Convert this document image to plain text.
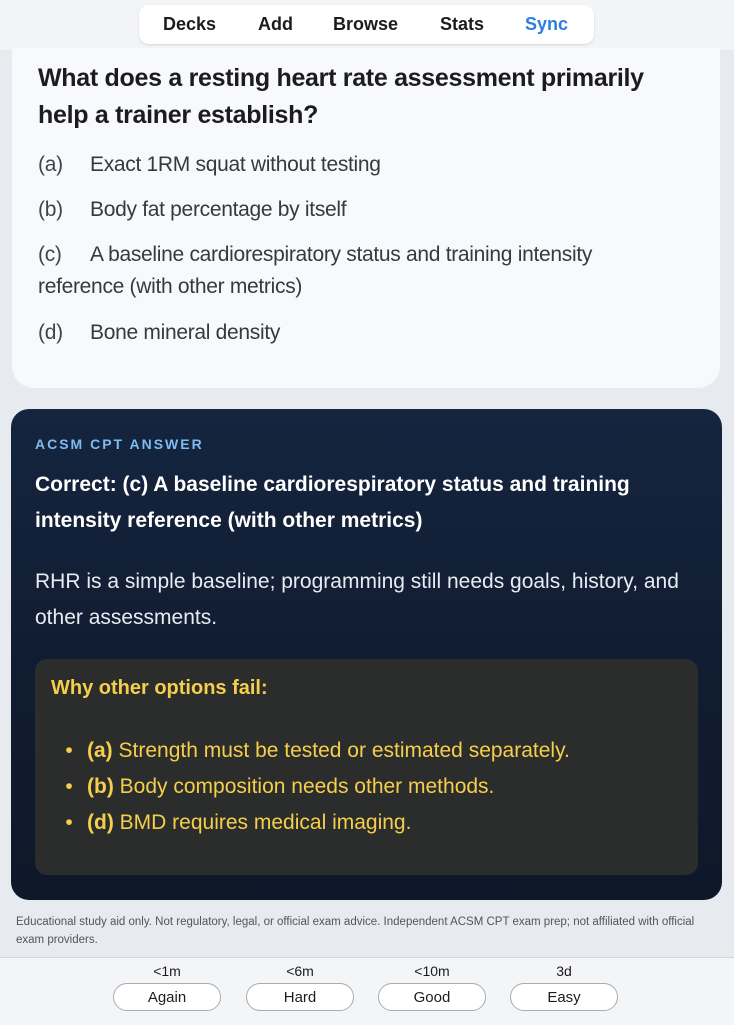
Decks Add Browse Stats Sync
What does a resting heart rate assessment primarily help a trainer establish?
(a) Exact 1RM squat without testing
(b) Body fat percentage by itself
(c) A baseline cardiorespiratory status and training intensity reference (with other metrics)
(d) Bone mineral density
ACSM CPT ANSWER
Correct: (c) A baseline cardiorespiratory status and training intensity reference (with other metrics)
RHR is a simple baseline; programming still needs goals, history, and other assessments.
Why other options fail:
• (a) Strength must be tested or estimated separately.
• (b) Body composition needs other methods.
• (d) BMD requires medical imaging.
Educational study aid only. Not regulatory, legal, or official exam advice. Independent ACSM CPT exam prep; not affiliated with official exam providers.
<1m
Again
<6m
Hard
<10m
Good
3d
Easy
